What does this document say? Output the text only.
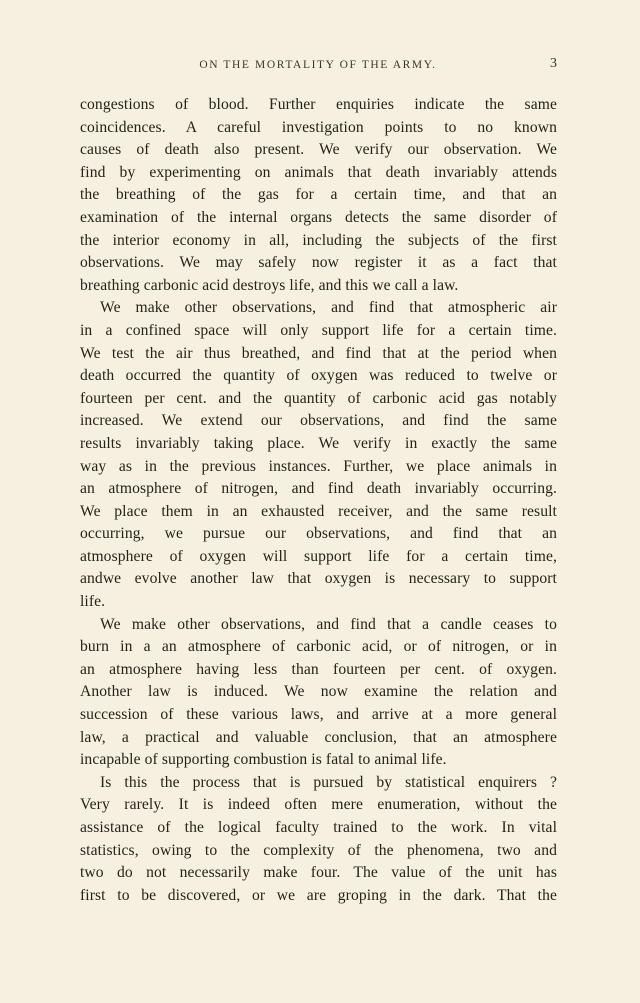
ON THE MORTALITY OF THE ARMY.	3
congestions of blood. Further enquiries indicate the same
coincidences. A careful investigation points to no known
causes of death also present. We verify our observation. We
find by experimenting on animals that death invariably attends
the breathing of the gas for a certain time, and that an
examination of the internal organs detects the same disorder of
the interior economy in all, including the subjects of the first
observations. We may safely now register it as a fact that
breathing carbonic acid destroys life, and this we call a law.
We make other observations, and find that atmospheric air
in a confined space will only support life for a certain time.
We test the air thus breathed, and find that at the period when
death occurred the quantity of oxygen was reduced to twelve or
fourteen per cent. and the quantity of carbonic acid gas notably
increased. We extend our observations, and find the same
results invariably taking place. We verify in exactly the same
way as in the previous instances. Further, we place animals in
an atmosphere of nitrogen, and find death invariably occurring.
We place them in an exhausted receiver, and the same result
occurring, we pursue our observations, and find that an
atmosphere of oxygen will support life for a certain time,
andwe evolve another law that oxygen is necessary to support
life.
We make other observations, and find that a candle ceases to
burn in a an atmosphere of carbonic acid, or of nitrogen, or in
an atmosphere having less than fourteen per cent. of oxygen.
Another law is induced. We now examine the relation and
succession of these various laws, and arrive at a more general
law, a practical and valuable conclusion, that an atmosphere
incapable of supporting combustion is fatal to animal life.
Is this the process that is pursued by statistical enquirers ?
Very rarely. It is indeed often mere enumeration, without the
assistance of the logical faculty trained to the work. In vital
statistics, owing to the complexity of the phenomena, two and
two do not necessarily make four. The value of the unit has
first to be discovered, or we are groping in the dark. That the
